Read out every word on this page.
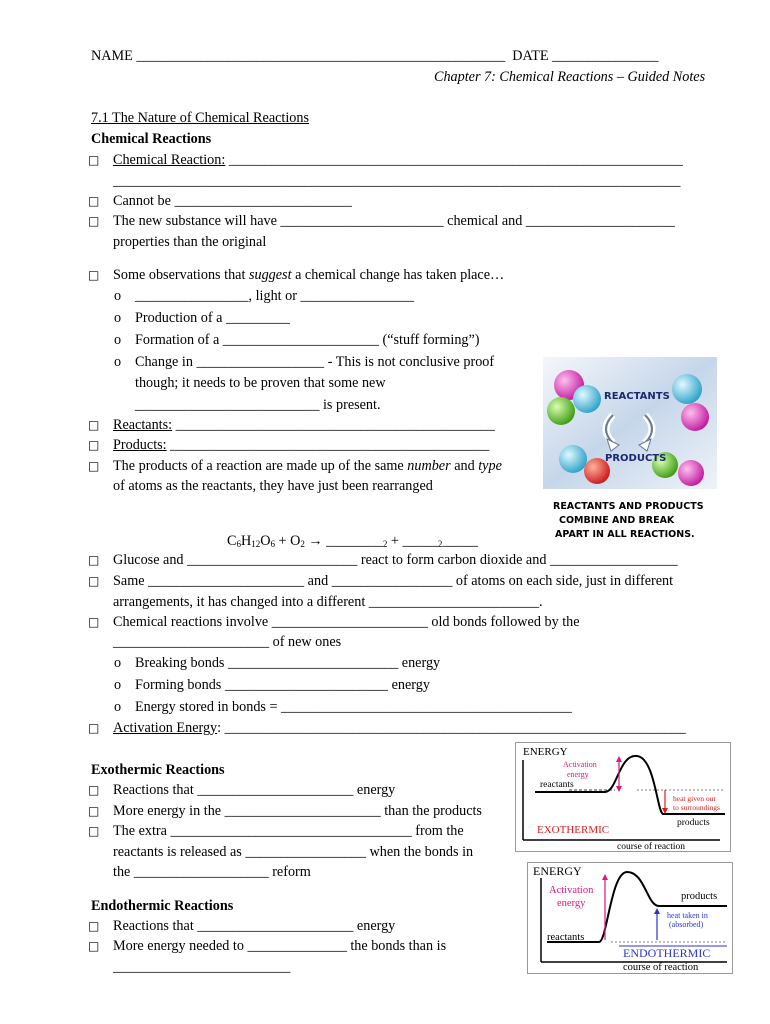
NAME ____________________________________________________  DATE _______________
Chapter 7: Chemical Reactions – Guided Notes
7.1 The Nature of Chemical Reactions
Chemical Reactions
□ Chemical Reaction: ________________________________________________________________
________________________________________________________________________________
□ Cannot be _________________________
□ The new substance will have _______________________ chemical and _____________________
properties than the original
□ Some observations that suggest a chemical change has taken place…
o ________________, light or ________________
o Production of a _________
o Formation of a ______________________ (“stuff forming”)
o Change in __________________ - This is not conclusive proof
though; it needs to be proven that some new
__________________________ is present.
□ Reactants: _____________________________________________
□ Products: _____________________________________________
□ The products of a reaction are made up of the same number and type
of atoms as the reactants, they have just been rearranged
$C_6H_{12}O_6 + O_2$ → $\_\_\_\_\_\_\_\__2$ + $\_\_\_\_\__2\_\_\_\_\_$
□ Glucose and ________________________ react to form carbon dioxide and __________________
□ Same ______________________ and _________________ of atoms on each side, just in different
arrangements, it has changed into a different ________________________.
□ Chemical reactions involve ______________________ old bonds followed by the
______________________ of new ones
o Breaking bonds ________________________ energy
o Forming bonds _______________________ energy
o Energy stored in bonds = _________________________________________
□ Activation Energy: _________________________________________________________________
Exothermic Reactions
□ Reactions that ______________________ energy
□ More energy in the ______________________ than the products
□ The extra __________________________________ from the
reactants is released as _________________ when the bonds in
the ___________________ reform
Endothermic Reactions
□ Reactions that ______________________ energy
□ More energy needed to ______________ the bonds than is
_________________________
REACTANTS
PRODUCTS
REACTANTS AND PRODUCTS
COMBINE AND BREAK
APART IN ALL REACTIONS.
ENERGY
Activation energy
reactants
heat given out to surroundings
products
EXOTHERMIC
course of reaction
ENERGY
Activation energy
products
heat taken in (absorbed)
reactants
ENDOTHERMIC
course of reaction
